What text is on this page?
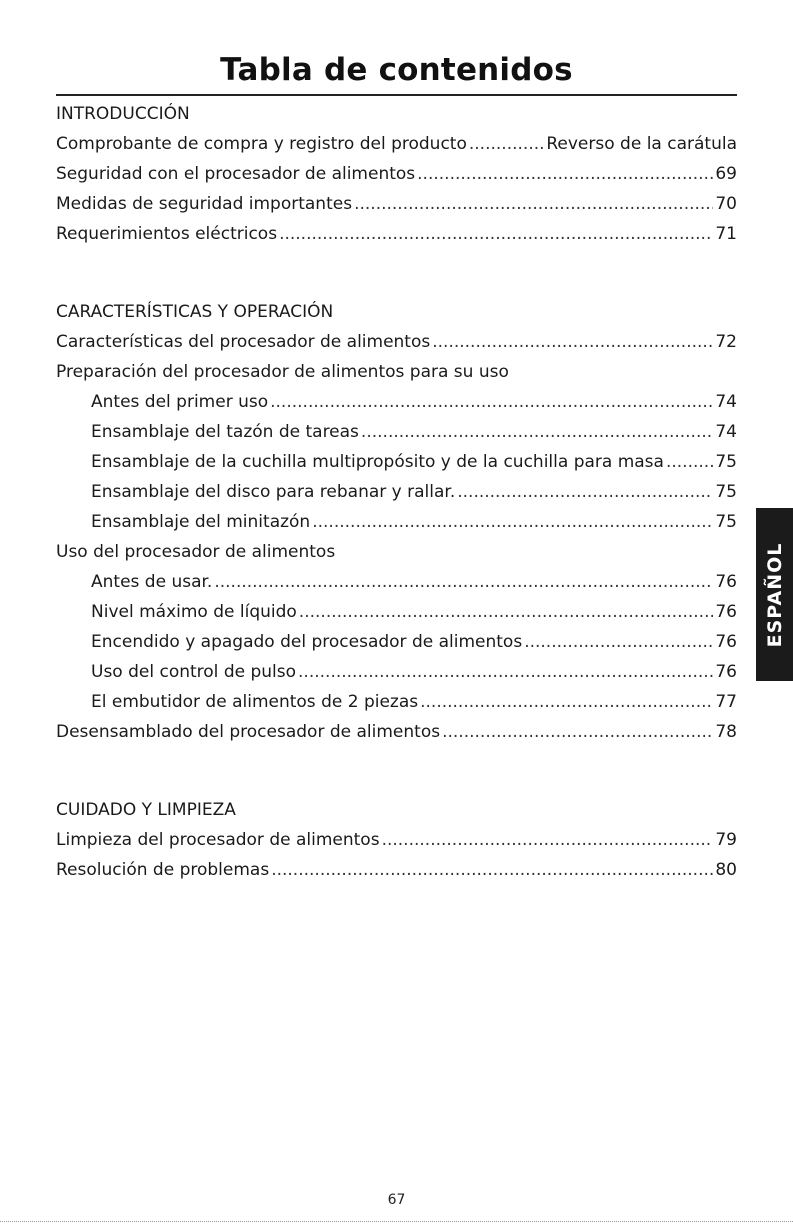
Tabla de contenidos
INTRODUCCIÓN
Comprobante de compra y registro del producto .....	Reverso de la carátula
Seguridad con el procesador de alimentos .....	69
Medidas de seguridad importantes .....	70
Requerimientos eléctricos .....	71
CARACTERÍSTICAS Y OPERACIÓN
Características del procesador de alimentos .....	72
Preparación del procesador de alimentos para su uso
Antes del primer uso .....	74
Ensamblaje del tazón de tareas .....	74
Ensamblaje de la cuchilla multipropósito y de la cuchilla para masa .....	75
Ensamblaje del disco para rebanar y rallar. .....	75
Ensamblaje del minitazón .....	75
Uso del procesador de alimentos
Antes de usar. .....	76
Nivel máximo de líquido .....	76
Encendido y apagado del procesador de alimentos .....	76
Uso del control de pulso .....	76
El embutidor de alimentos de 2 piezas .....	77
Desensamblado del procesador de alimentos .....	78
CUIDADO Y LIMPIEZA
Limpieza del procesador de alimentos .....	79
Resolución de problemas .....	80
ESPAÑOL
67
